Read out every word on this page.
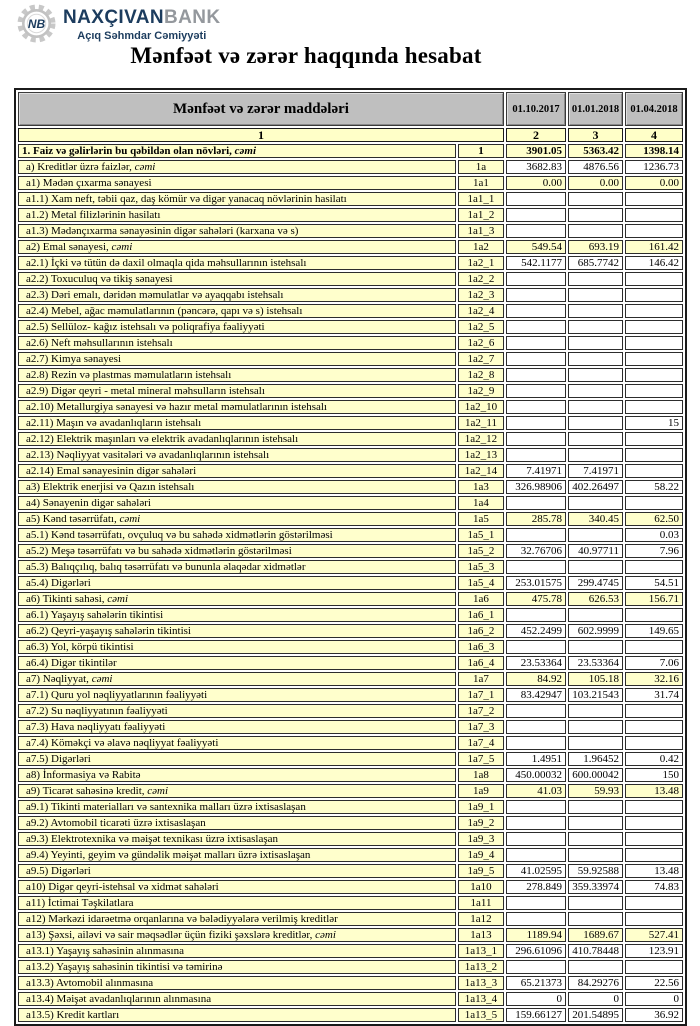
NB NAXÇIVANBANK
Açıq Səhmdar Cəmiyyəti
Mənfəət və zərər haqqında hesabat
Mənfəət və zərər maddələri		01.10.2017	01.01.2018	01.04.2018
1		2	3	4
1. Faiz və gəlirlərin bu qəbildən olan növləri, cəmi	1	3901.05	5363.42	1398.14
a) Kreditlər üzrə faizlər, cəmi	1a	3682.83	4876.56	1236.73
a1) Mədən çıxarma sənayesi	1a1	0.00	0.00	0.00
a1.1) Xam neft, təbii qaz, daş kömür və digər yanacaq növlərinin hasilatı	1a1_1			
a1.2) Metal filizlərinin hasilatı	1a1_2			
a1.3) Mədənçıxarma sənayəsinin digər sahələri (karxana və s)	1a1_3			
a2) Emal sənayesi, cəmi	1a2	549.54	693.19	161.42
a2.1) İçki və tütün də daxil olmaqla qida məhsullarının istehsalı	1a2_1	542.1177	685.7742	146.42
a2.2) Toxuculuq və tikiş sənayesi	1a2_2			
a2.3) Dəri emalı, dəridən məmulatlar və ayaqqabı istehsalı	1a2_3			
a2.4) Mebel, ağac məmulatlarının (pəncərə, qapı və s) istehsalı	1a2_4			
a2.5) Sellüloz- kağız istehsalı və poliqrafiya fəaliyyəti	1a2_5			
a2.6) Neft məhsullarının istehsalı	1a2_6			
a2.7) Kimya sənayesi	1a2_7			
a2.8) Rezin və plastmas məmulatların istehsalı	1a2_8			
a2.9) Digər qeyri - metal mineral məhsulların istehsalı	1a2_9			
a2.10) Metallurgiya sənayesi və hazır metal məmulatlarının istehsalı	1a2_10			
a2.11) Maşın və avadanlıqların istehsalı	1a2_11			15
a2.12) Elektrik maşınları və elektrik avadanlıqlarının istehsalı	1a2_12			
a2.13) Nəqliyyat vasitələri və avadanlıqlarının istehsalı	1a2_13			
a2.14) Emal sənayesinin digər sahələri	1a2_14	7.41971	7.41971	
a3) Elektrik enerjisi və Qazın istehsalı	1a3	326.98906	402.26497	58.22
a4) Sənayenin digər sahələri	1a4			
a5) Kənd təsərrüfatı, cəmi	1a5	285.78	340.45	62.50
a5.1) Kənd təsərrüfatı, ovçuluq və bu sahədə xidmətlərin göstərilməsi	1a5_1			0.03
a5.2) Meşə təsərrüfatı və bu sahədə xidmətlərin göstərilməsi	1a5_2	32.76706	40.97711	7.96
a5.3) Balıqçılıq, balıq təsərrüfatı və bununla əlaqədar xidmətlər	1a5_3			
a5.4) Digərləri	1a5_4	253.01575	299.4745	54.51
a6) Tikinti sahəsi, cəmi	1a6	475.78	626.53	156.71
a6.1) Yaşayış sahələrin tikintisi	1a6_1			
a6.2) Qeyri-yaşayış sahələrin tikintisi	1a6_2	452.2499	602.9999	149.65
a6.3) Yol, körpü tikintisi	1a6_3			
a6.4) Digər tikintilər	1a6_4	23.53364	23.53364	7.06
a7) Nəqliyyat, cəmi	1a7	84.92	105.18	32.16
a7.1) Quru yol nəqliyyatlarının fəaliyyəti	1a7_1	83.42947	103.21543	31.74
a7.2) Su nəqliyyatının fəaliyyəti	1a7_2			
a7.3) Hava nəqliyyatı fəaliyyəti	1a7_3			
a7.4) Köməkçi və əlavə nəqliyyat fəaliyyəti	1a7_4			
a7.5) Digərləri	1a7_5	1.4951	1.96452	0.42
a8) İnformasiya və Rabitə	1a8	450.00032	600.00042	150
a9) Ticarət sahəsinə kredit, cəmi	1a9	41.03	59.93	13.48
a9.1) Tikinti materialları və santexnika malları üzrə ixtisaslaşan	1a9_1			
a9.2) Avtomobil ticarəti üzrə ixtisaslaşan	1a9_2			
a9.3) Elektrotexnika və məişət texnikası üzrə ixtisaslaşan	1a9_3			
a9.4) Yeyinti, geyim və gündəlik məişət malları üzrə ixtisaslaşan	1a9_4			
a9.5) Digərləri	1a9_5	41.02595	59.92588	13.48
a10) Digər qeyri-istehsal və xidmət sahələri	1a10	278.849	359.33974	74.83
a11) İctimai Təşkilatlara	1a11			
a12) Mərkəzi idarəetmə orqanlarına və bələdiyyələrə verilmiş kreditlər	1a12			
a13) Şəxsi, ailəvi və sair məqsədlər üçün fiziki şəxslərə kreditlər, cəmi	1a13	1189.94	1689.67	527.41
a13.1) Yaşayış sahəsinin alınmasına	1a13_1	296.61096	410.78448	123.91
a13.2) Yaşayış sahəsinin tikintisi və təmirinə	1a13_2			
a13.3) Avtomobil alınmasına	1a13_3	65.21373	84.29276	22.56
a13.4) Məişət avadanlıqlarının alınmasına	1a13_4	0	0	0
a13.5) Kredit kartları	1a13_5	159.66127	201.54895	36.92
